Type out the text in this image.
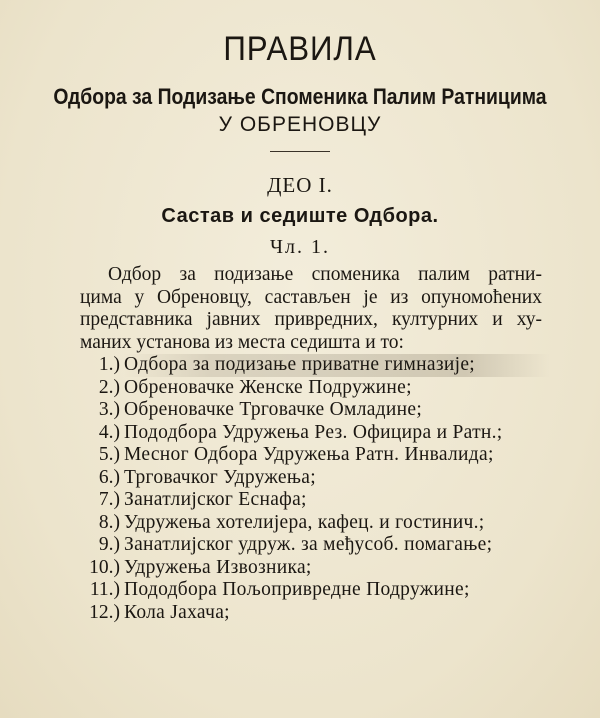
ПРАВИЛА
Одбора за Подизање Споменика Палим Ратницима
У ОБРЕНОВЦУ
ДЕО I.
Састав и седиште Одбора.
Чл. 1.
Одбор за подизање споменика палим ратни-
цима у Обреновцу, састављен је из опуномоћених
представника јавних привредних, културних и ху-
маних установа из места седишта и то:
1.) Одбора за подизање приватне гимназије;
2.) Обреновачке Женске Подружине;
3.) Обреновачке Трговачке Омладине;
4.) Пододбора Удружења Рез. Официра и Ратн.;
5.) Месног Одбора Удружења Ратн. Инвалида;
6.) Трговачког Удружења;
7.) Занатлијског Еснафа;
8.) Удружења хотелијера, кафец. и гостинич.;
9.) Занатлијског удруж. за међусоб. помагање;
10.) Удружења Извозника;
11.) Пододбора Пољопривредне Подружине;
12.) Кола Јахача;
